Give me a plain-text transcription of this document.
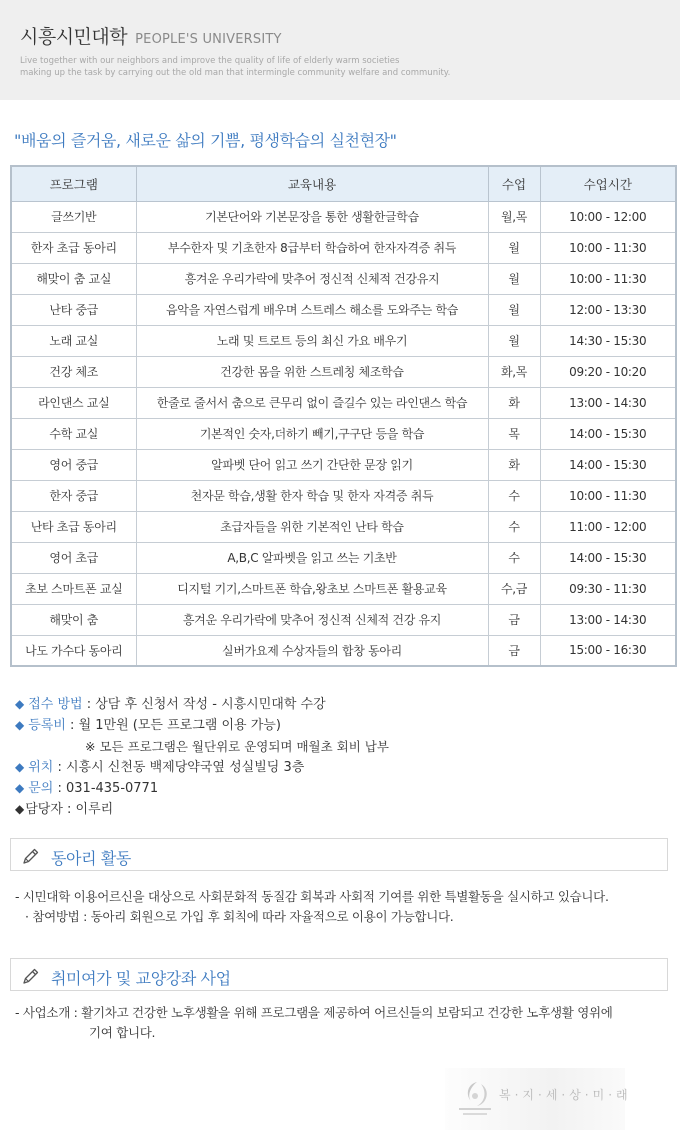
시흥시민대학 PEOPLE'S UNIVERSITY
Live together with our neighbors and improve the quality of life of elderly warm societies
making up the task by carrying out the old man that intermingle community welfare and community.
"배움의 즐거움, 새로운 삶의 기쁨, 평생학습의 실천현장"
프로그램	교육내용	수업	수업시간
글쓰기반	기본단어와 기본문장을 통한 생활한글학습	월,목	10:00 - 12:00
한자 초급 동아리	부수한자 및 기초한자 8급부터 학습하여 한자자격증 취득	월	10:00 - 11:30
해맞이 춤 교실	흥겨운 우리가락에 맞추어 정신적 신체적 건강유지	월	10:00 - 11:30
난타 중급	음악을 자연스럽게 배우며 스트레스 해소를 도와주는 학습	월	12:00 - 13:30
노래 교실	노래 및 트로트 등의 최신 가요 배우기	월	14:30 - 15:30
건강 체조	건강한 몸을 위한 스트레칭 체조학습	화,목	09:20 - 10:20
라인댄스 교실	한줄로 줄서서 춤으로 큰무리 없이 즐길수 있는 라인댄스 학습	화	13:00 - 14:30
수학 교실	기본적인 숫자,더하기 빼기,구구단 등을 학습	목	14:00 - 15:30
영어 중급	알파벳 단어 읽고 쓰기 간단한 문장 읽기	화	14:00 - 15:30
한자 중급	천자문 학습,생활 한자 학습 및 한자 자격증 취득	수	10:00 - 11:30
난타 초급 동아리	초급자들을 위한 기본적인 난타 학습	수	11:00 - 12:00
영어 초급	A,B,C 알파벳을 읽고 쓰는 기초반	수	14:00 - 15:30
초보 스마트폰 교실	디지털 기기,스마트폰 학습,왕초보 스마트폰 활용교육	수,금	09:30 - 11:30
해맞이 춤	흥겨운 우리가락에 맞추어 정신적 신체적 건강 유지	금	13:00 - 14:30
나도 가수다 동아리	실버가요제 수상자들의 합창 동아리	금	15:00 - 16:30
◆ 접수 방법 : 상담 후 신청서 작성 - 시흥시민대학 수강
◆ 등록비 : 월 1만원 (모든 프로그램 이용 가능)
※ 모든 프로그램은 월단위로 운영되며 매월초 회비 납부
◆ 위치 : 시흥시 신천동 백제당약국옆 성실빌딩 3층
◆ 문의 : 031-435-0771
◆담당자 : 이루리
동아리 활동
- 시민대학 이용어르신을 대상으로 사회문화적 동질감 회복과 사회적 기여를 위한 특별활동을 실시하고 있습니다.
· 참여방법 : 동아리 회원으로 가입 후 회칙에 따라 자율적으로 이용이 가능합니다.
취미여가 및 교양강좌 사업
- 사업소개 : 활기차고 건강한 노후생활을 위해 프로그램을 제공하여 어르신들의 보람되고 건강한 노후생활 영위에
기여 합니다.
복·지·세·상·미·래
